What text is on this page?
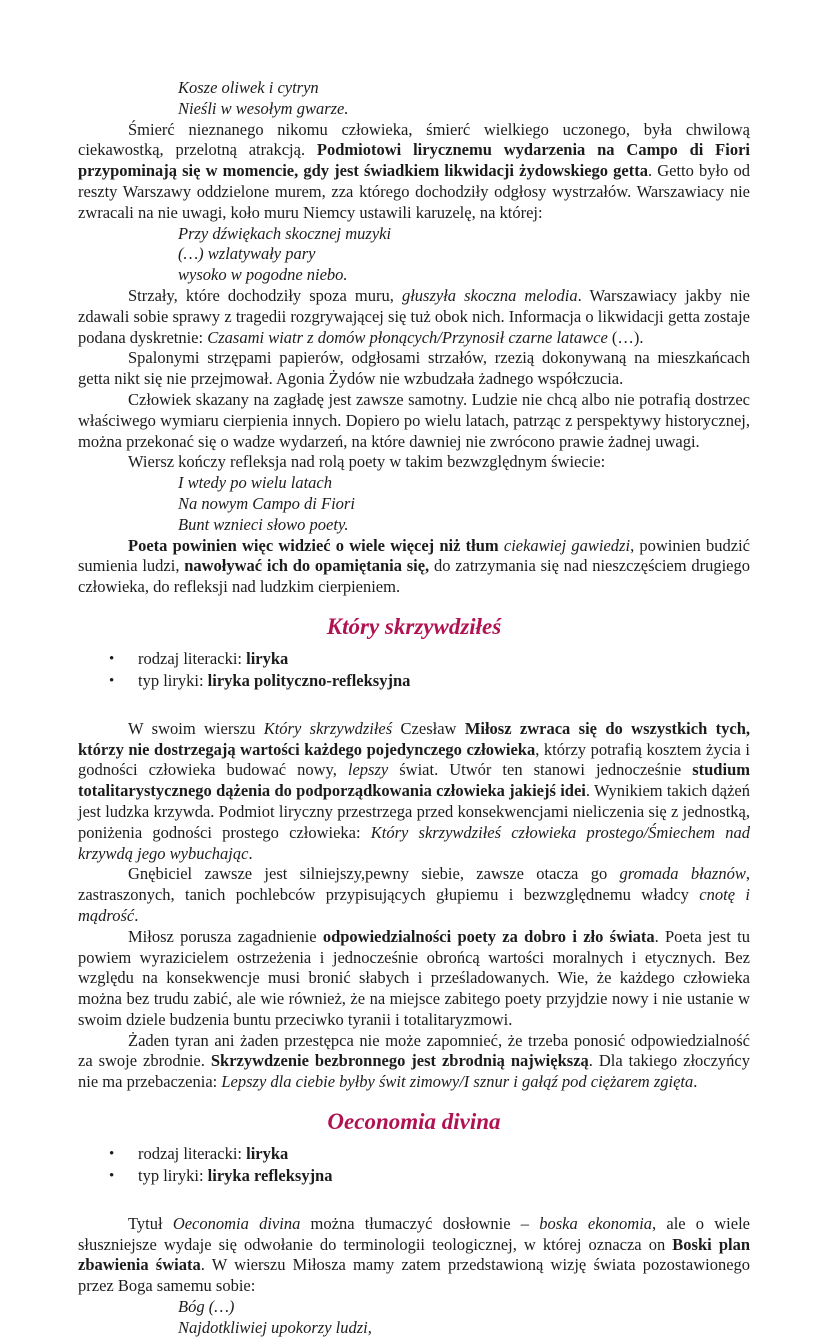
Kosze oliwek i cytryn
Nieśli w wesołym gwarze.

Śmierć nieznanego nikomu człowieka, śmierć wielkiego uczonego, była chwilową ciekawostką, przelotną atrakcją. Podmiotowi lirycznemu wydarzenia na Campo di Fiori przypominają się w momencie, gdy jest świadkiem likwidacji żydowskiego getta. Getto było od reszty Warszawy oddzielone murem, zza którego dochodziły odgłosy wystrzałów. Warszawiacy nie zwracali na nie uwagi, koło muru Niemcy ustawili karuzelę, na której:

Przy dźwiękach skocznej muzyki
(…) wzlatywały pary
wysoko w pogodne niebo.

Strzały, które dochodziły spoza muru, głuszyła skoczna melodia. Warszawiacy jakby nie zdawali sobie sprawy z tragedii rozgrywającej się tuż obok nich. Informacja o likwidacji getta zostaje podana dyskretnie: Czasami wiatr z domów płonących/Przynosił czarne latawce (…).

Spalonymi strzępami papierów, odgłosami strzałów, rzezią dokonywaną na mieszkańcach getta nikt się nie przejmował. Agonia Żydów nie wzbudzała żadnego współczucia.

Człowiek skazany na zagładę jest zawsze samotny. Ludzie nie chcą albo nie potrafią dostrzec właściwego wymiaru cierpienia innych. Dopiero po wielu latach, patrząc z perspektywy historycznej, można przekonać się o wadze wydarzeń, na które dawniej nie zwrócono prawie żadnej uwagi.

Wiersz kończy refleksja nad rolą poety w takim bezwzględnym świecie:

I wtedy po wielu latach
Na nowym Campo di Fiori
Bunt wznieci słowo poety.

Poeta powinien więc widzieć o wiele więcej niż tłum ciekawiej gawiedzi, powinien budzić sumienia ludzi, nawoływać ich do opamiętania się, do zatrzymania się nad nieszczęściem drugiego człowieka, do refleksji nad ludzkim cierpieniem.

Który skrzywdziłeś
• rodzaj literacki: liryka
• typ liryki: liryka polityczno-refleksyjna

W swoim wierszu Który skrzywdziłeś Czesław Miłosz zwraca się do wszystkich tych, którzy nie dostrzegają wartości każdego pojedynczego człowieka, którzy potrafią kosztem życia i godności człowieka budować nowy, lepszy świat. Utwór ten stanowi jednocześnie studium totalitarystycznego dążenia do podporządkowania człowieka jakiejś idei. Wynikiem takich dążeń jest ludzka krzywda. Podmiot liryczny przestrzega przed konsekwencjami nieliczenia się z jednostką, poniżenia godności prostego człowieka: Który skrzywdziłeś człowieka prostego/Śmiechem nad krzywdą jego wybuchając.

Gnębiciel zawsze jest silniejszy,pewny siebie, zawsze otacza go gromada błaznów, zastraszonych, tanich pochlebców przypisujących głupiemu i bezwzględnemu władcy cnotę i mądrość.

Miłosz porusza zagadnienie odpowiedzialności poety za dobro i zło świata. Poeta jest tu powiem wyrazicielem ostrzeżenia i jednocześnie obrońcą wartości moralnych i etycznych. Bez względu na konsekwencje musi bronić słabych i prześladowanych. Wie, że każdego człowieka można bez trudu zabić, ale wie również, że na miejsce zabitego poety przyjdzie nowy i nie ustanie w swoim dziele budzenia buntu przeciwko tyranii i totalitaryzmowi.

Żaden tyran ani żaden przestępca nie może zapomnieć, że trzeba ponosić odpowiedzialność za swoje zbrodnie. Skrzywdzenie bezbronnego jest zbrodnią największą. Dla takiego złoczyńcy nie ma przebaczenia: Lepszy dla ciebie byłby świt zimowy/I sznur i gałąź pod ciężarem zgięta.

Oeconomia divina
• rodzaj literacki: liryka
• typ liryki: liryka refleksyjna

Tytuł Oeconomia divina można tłumaczyć dosłownie – boska ekonomia, ale o wiele słuszniejsze wydaje się odwołanie do terminologii teologicznej, w której oznacza on Boski plan zbawienia świata. W wierszu Miłosza mamy zatem przedstawioną wizję świata pozostawionego przez Boga samemu sobie:

Bóg (…)
Najdotkliwiej upokorzy ludzi,
